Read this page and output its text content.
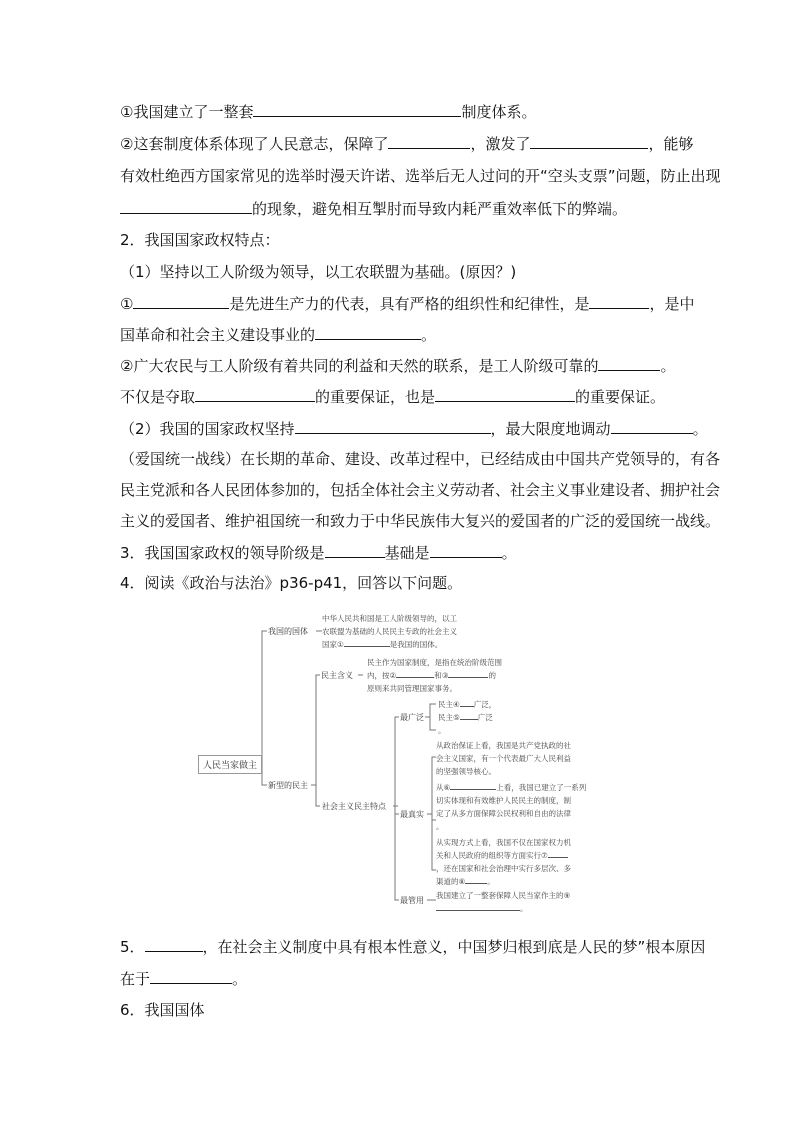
①我国建立了一整套	制度体系。
②这套制度体系体现了人民意志，保障了	，激发了	，能够
有效杜绝西方国家常见的选举时漫天许诺、选举后无人过问的开“空头支票”问题，防止出现
的现象，避免相互掣肘而导致内耗严重效率低下的弊端。
2．我国国家政权特点：
（1）坚持以工人阶级为领导，以工农联盟为基础。(原因？)
①	是先进生产力的代表，具有严格的组织性和纪律性，是	，是中
国革命和社会主义建设事业的	。
②广大农民与工人阶级有着共同的利益和天然的联系，是工人阶级可靠的	。
不仅是夺取	的重要保证，也是	的重要保证。
（2）我国的国家政权坚持	，最大限度地调动	。
（爱国统一战线）在长期的革命、建设、改革过程中，已经结成由中国共产党领导的，有各
民主党派和各人民团体参加的，包括全体社会主义劳动者、社会主义事业建设者、拥护社会
主义的爱国者、维护祖国统一和致力于中华民族伟大复兴的爱国者的广泛的爱国统一战线。
3．我国国家政权的领导阶级是	基础是	。
4．阅读《政治与法治》p36-p41，回答以下问题。
人民当家做主
我国的国体
中华人民共和国是工人阶级领导的，以工
农联盟为基础的人民民主专政的社会主义
国家①	是我国的国体。
新型的民主
民主含义
民主作为国家制度，是指在统治阶级范围
内，按②	和③	的
原则来共同管理国家事务。
社会主义民主特点
最广泛
民主④ 广泛，
民主⑤ 广泛
。
最真实
从政治保证上看，我国是共产党执政的社
会主义国家，有一个代表最广大人民利益
的坚强领导核心。
从⑥	上看，我国已建立了一系列
切实体现和有效维护人民民主的制度，制
定了从多方面保障公民权利和自由的法律
。
从实现方式上看，我国不仅在国家权力机
关和人民政府的组织等方面实行⑦
，还在国家和社会治理中实行多层次、多
渠道的⑧	。
最管用
我国建立了一整套保障人民当家作主的⑨
。
5．	，在社会主义制度中具有根本性意义，中国梦归根到底是人民的梦”根本原因
在于	。
6．我国国体
